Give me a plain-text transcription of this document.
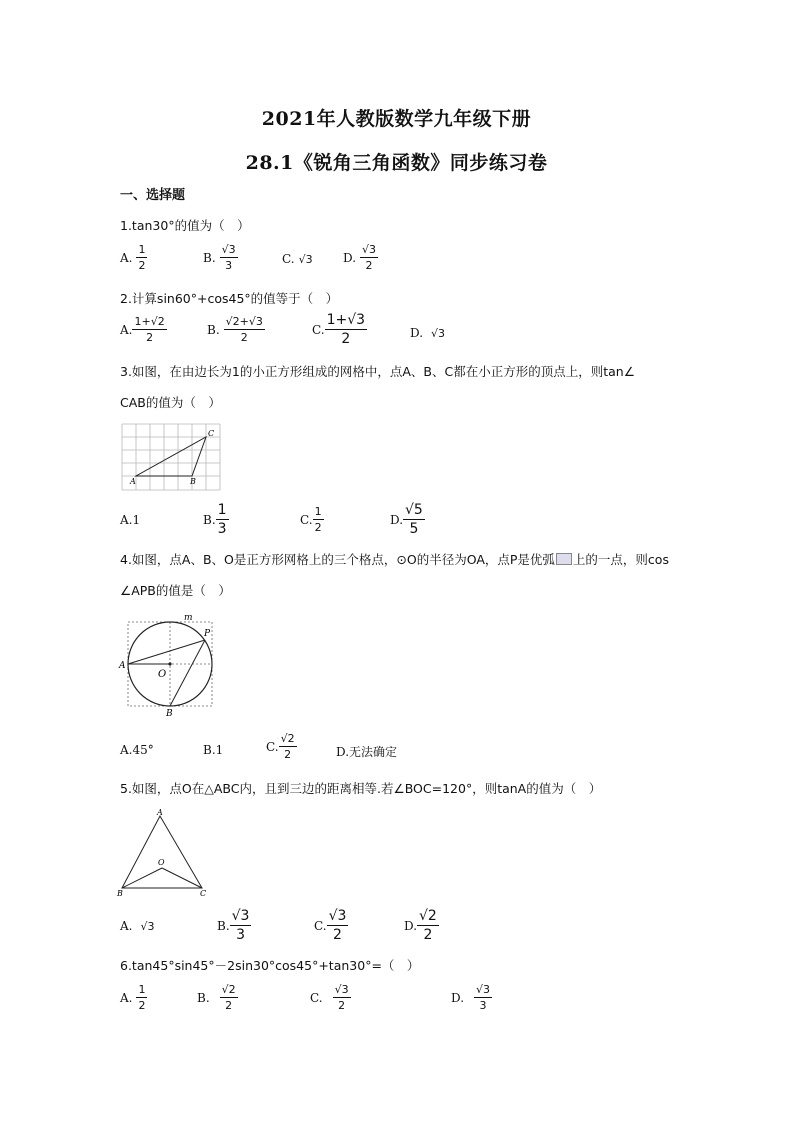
2021年人教版数学九年级下册
28.1《锐角三角函数》同步练习卷
一、选择题
1.tan30°的值为（　）
A. $\frac{1}{2}$	B. $\frac{√3}{3}$	C. √3	D. $\frac{√3}{2}$
2.计算sin60°+cos45°的值等于（　）
A. $\frac{1+√2}{2}$	B. $\frac{√2+√3}{2}$	C. $\frac{1+√3}{2}$	D. √3
3.如图，在由边长为1的小正方形组成的网格中，点A、B、C都在小正方形的顶点上，则tan∠
CAB的值为（　）
A	B
C
A. 1	B. $\frac{1}{3}$	C. $\frac{1}{2}$	D. $\frac{√5}{5}$
4.如图，点A、B、O是正方形网格上的三个格点，⊙O的半径为OA，点P是优弧 上的一点，则cos
∠APB的值是（　）
A
B
O
P
m
A. 45°	B. 1	C. $\frac{√2}{2}$	D. 无法确定
5.如图，点O在△ABC内，且到三边的距离相等.若∠BOC=120°，则tanA的值为（　）
A
B	C
O
A. √3	B. $\frac{√3}{3}$	C. $\frac{√3}{2}$	D. $\frac{√2}{2}$
6.tan45°sin45°－2sin30°cos45°+tan30°=（　）
A. $\frac{1}{2}$	B. $\frac{√2}{2}$	C. $\frac{√3}{2}$	D. $\frac{√3}{3}$
